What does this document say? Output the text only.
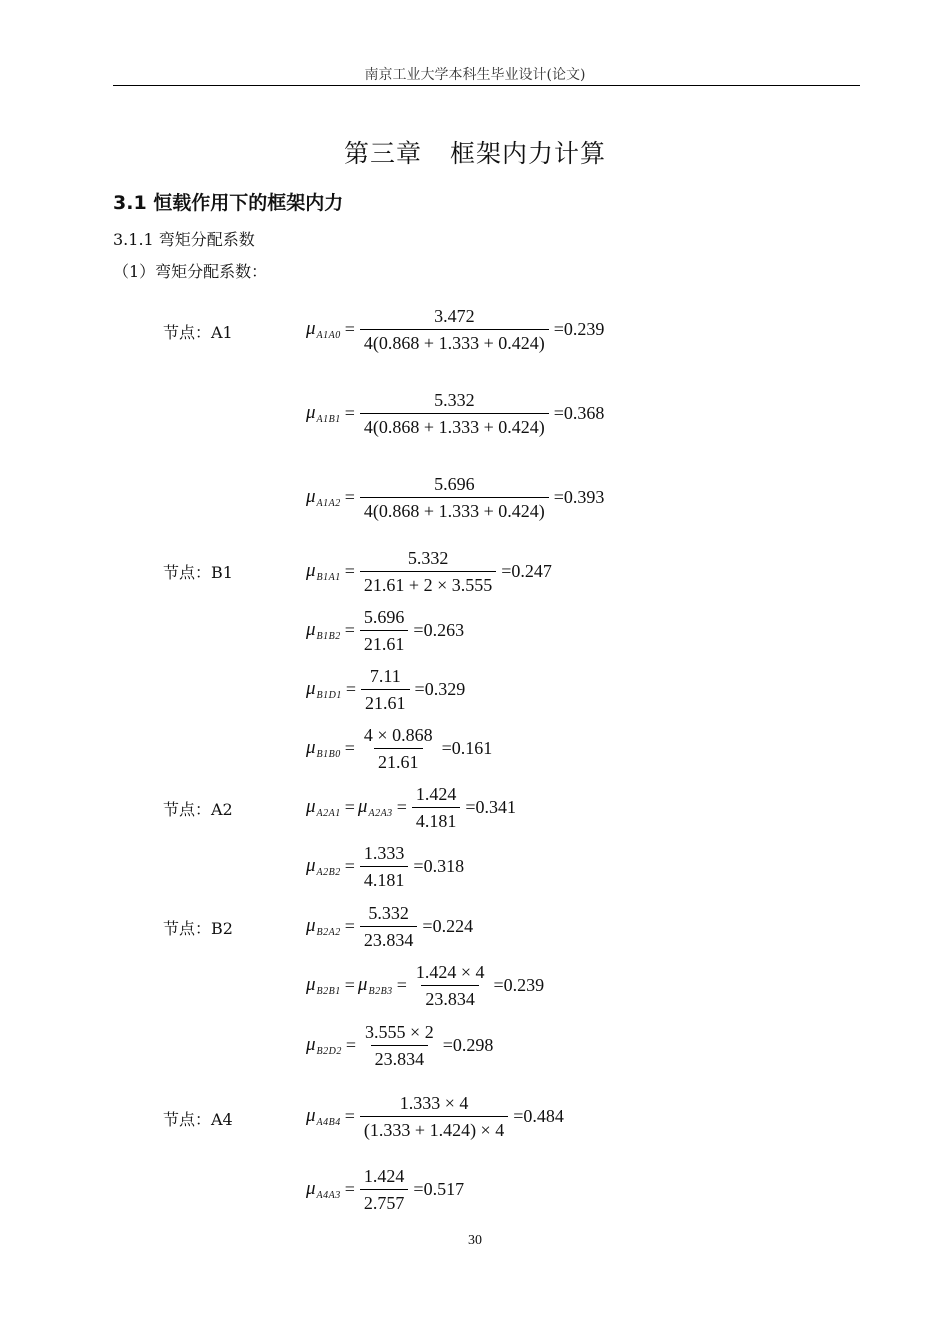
南京工业大学本科生毕业设计(论文)
第三章 框架内力计算
3.1 恒载作用下的框架内力
3.1.1 弯矩分配系数
（1）弯矩分配系数：
节点：A1
节点：B1
节点：A2
节点：B2
节点：A4
μ $A1A0 = \frac{3.472}{4(0.868 + 1.333 + 0.424)} =0.239$
μ $A1B1 = \frac{5.332}{4(0.868 + 1.333 + 0.424)} =0.368$
μ $A1A2 = \frac{5.696}{4(0.868 + 1.333 + 0.424)} =0.393$
μ $B1A1 = \frac{5.332}{21.61 + 2 \times 3.555} =0.247$
μ $B1B2 = \frac{5.696}{21.61} =0.263$
μ $B1D1 = \frac{7.11}{21.61} =0.329$
μ $B1B0 = \frac{4 \times 0.868}{21.61} =0.161$
μ A2A1 = μ $A2A3 = \frac{1.424}{4.181} =0.341$
μ $A2B2 = \frac{1.333}{4.181} =0.318$
μ $B2A2 = \frac{5.332}{23.834} =0.224$
μ B2B1 = μ $B2B3 = \frac{1.424 \times 4}{23.834} =0.239$
μ $B2D2 = \frac{3.555 \times 2}{23.834} =0.298$
μ $A4B4 = \frac{1.333 \times 4}{(1.333 + 1.424) \times 4} =0.484$
μ $A4A3 = \frac{1.424}{2.757} =0.517$
30
